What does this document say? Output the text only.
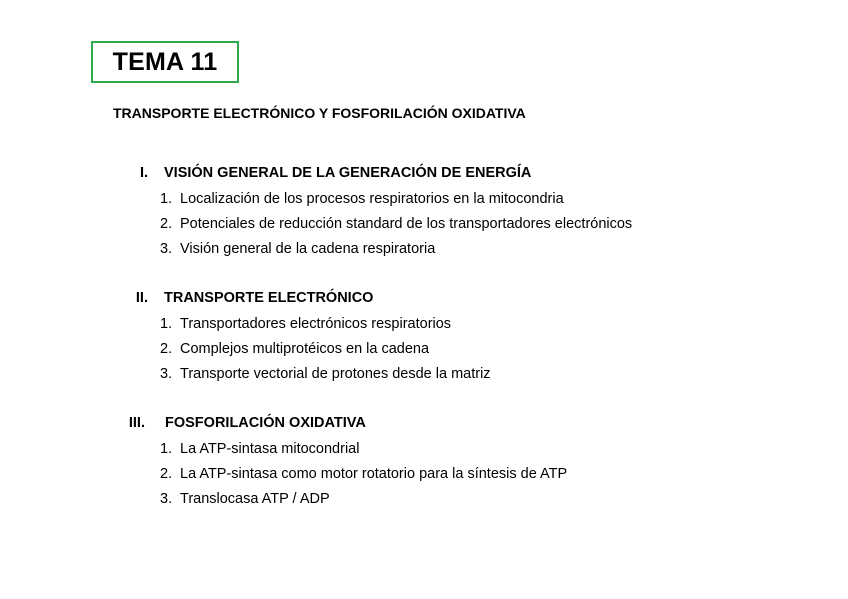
TEMA 11
TRANSPORTE ELECTRÓNICO Y FOSFORILACIÓN OXIDATIVA
I. VISIÓN GENERAL DE LA GENERACIÓN DE ENERGÍA
1. Localización de los procesos respiratorios en la mitocondria
2. Potenciales de reducción standard de los transportadores electrónicos
3. Visión general de la cadena respiratoria
II. TRANSPORTE ELECTRÓNICO
1. Transportadores electrónicos respiratorios
2. Complejos multiprotéicos en la cadena
3. Transporte vectorial de protones desde la matriz
III. FOSFORILACIÓN OXIDATIVA
1. La ATP-sintasa mitocondrial
2. La ATP-sintasa como motor rotatorio para la síntesis de ATP
3. Translocasa ATP / ADP
